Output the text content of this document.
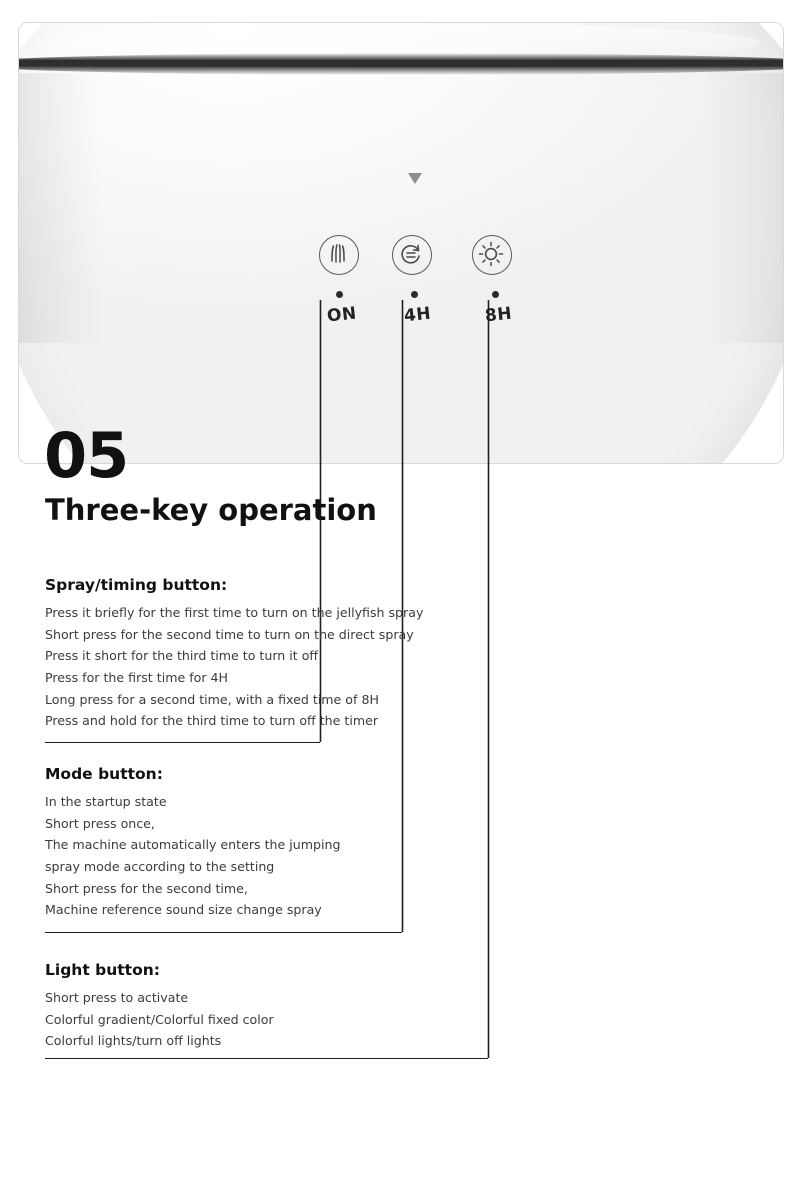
ON	4H	8H
05
Three-key operation
Spray/timing button:
Press it briefly for the first time to turn on the jellyfish spray
Short press for the second time to turn on the direct spray
Press it short for the third time to turn it off
Press for the first time for 4H
Long press for a second time, with a fixed time of 8H
Press and hold for the third time to turn off the timer
Mode button:
In the startup state
Short press once,
The machine automatically enters the jumping
spray mode according to the setting
Short press for the second time,
Machine reference sound size change spray
Light button:
Short press to activate
Colorful gradient/Colorful fixed color
Colorful lights/turn off lights
